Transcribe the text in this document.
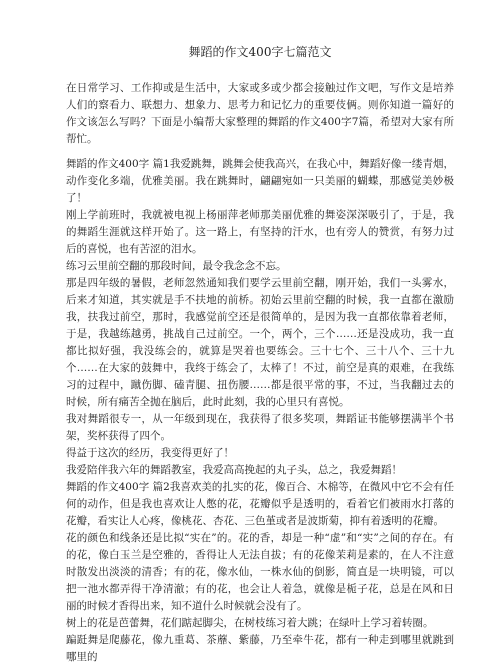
舞蹈的作文400字七篇范文

在日常学习、工作抑或是生活中，大家或多或少都会接触过作文吧，写作文是培养人们的察看力、联想力、想象力、思考力和记忆力的重要伎俩。则你知道一篇好的作文该怎么写吗？下面是小编帮大家整理的舞蹈的作文400字7篇，希望对大家有所帮忙。

舞蹈的作文400字 篇1我爱跳舞，跳舞会使我高兴，在我心中，舞蹈好像一缕青烟，动作变化多端，优雅美丽。我在跳舞时，翩翩宛如一只美丽的蝴蝶，那感觉美妙极了！

刚上学前班时，我就被电视上杨丽萍老师那美丽优雅的舞姿深深吸引了，于是，我的舞蹈生涯就这样开始了。这一路上，有坚持的汗水，也有旁人的赞赏，有努力过后的喜悦，也有苦涩的泪水。

练习云里前空翻的那段时间，最令我念念不忘。

那是四年级的暑假，老师忽然通知我们要学云里前空翻，刚开始，我们一头雾水，后来才知道，其实就是手不扶地的前桥。初始云里前空翻的时候，我一直都在激励我，扶我过前空，那时，我感觉前空还是很简单的，是因为我一直都依靠着老师，于是，我越练越勇，挑战自己过前空。一个，两个，三个……还是没成功，我一直都比拟好强，我没练会的，就算是哭着也要练会。三十七个、三十八个、三十九个……在大家的鼓舞中，我终于练会了，太棒了！不过，前空是真的艰难，在我练习的过程中，蹴伤脚、磕青腿、扭伤腰……都是很平常的事，不过，当我翻过去的时候，所有痛苦全抛在脑后，此时此刻，我的心里只有喜悦。

我对舞蹈很专一，从一年级到现在，我获得了很多奖项，舞蹈证书能够摆满半个书架，奖杯获得了四个。

得益于这次的经历，我变得更好了！

我爱陪伴我六年的舞蹈教室，我爱高高挽起的丸子头，总之，我爱舞蹈！

舞蹈的作文400字 篇2我喜欢美的扎实的花，像百合、木棉等，在微风中它不会有任何的动作，但是我也喜欢让人憋的花，花瓣似乎是透明的，看着它们被雨水打落的花瓣，看实让人心疼，像桃花、杏花、三色堇或者是波斯菊，抑有着透明的花瓣。

花的颜色和线条还是比拟“实在”的。花的香，却是一种“虚”和“实”之间的存在。有的花，像白玉兰是空雅的，香得让人无法自拔；有的花像茉莉是素的，在人不注意时散发出淡淡的清香；有的花，像水仙，一株水仙的倒影，简直是一块明镜，可以把一池水都弄得干净清澈；有的花，也会让人着急，就像是栀子花，总是在风和日丽的时候才香得出来，知不道什么时候就会没有了。

树上的花是芭蕾舞，花们踮起脚尖，在树枝练习着大跳；在绿叶上学习着转圈。

蹁跹舞是爬藤花，像九重葛、茶蘼、紫藤，乃至牵牛花，都有一种走到哪里就跳到哪里的
